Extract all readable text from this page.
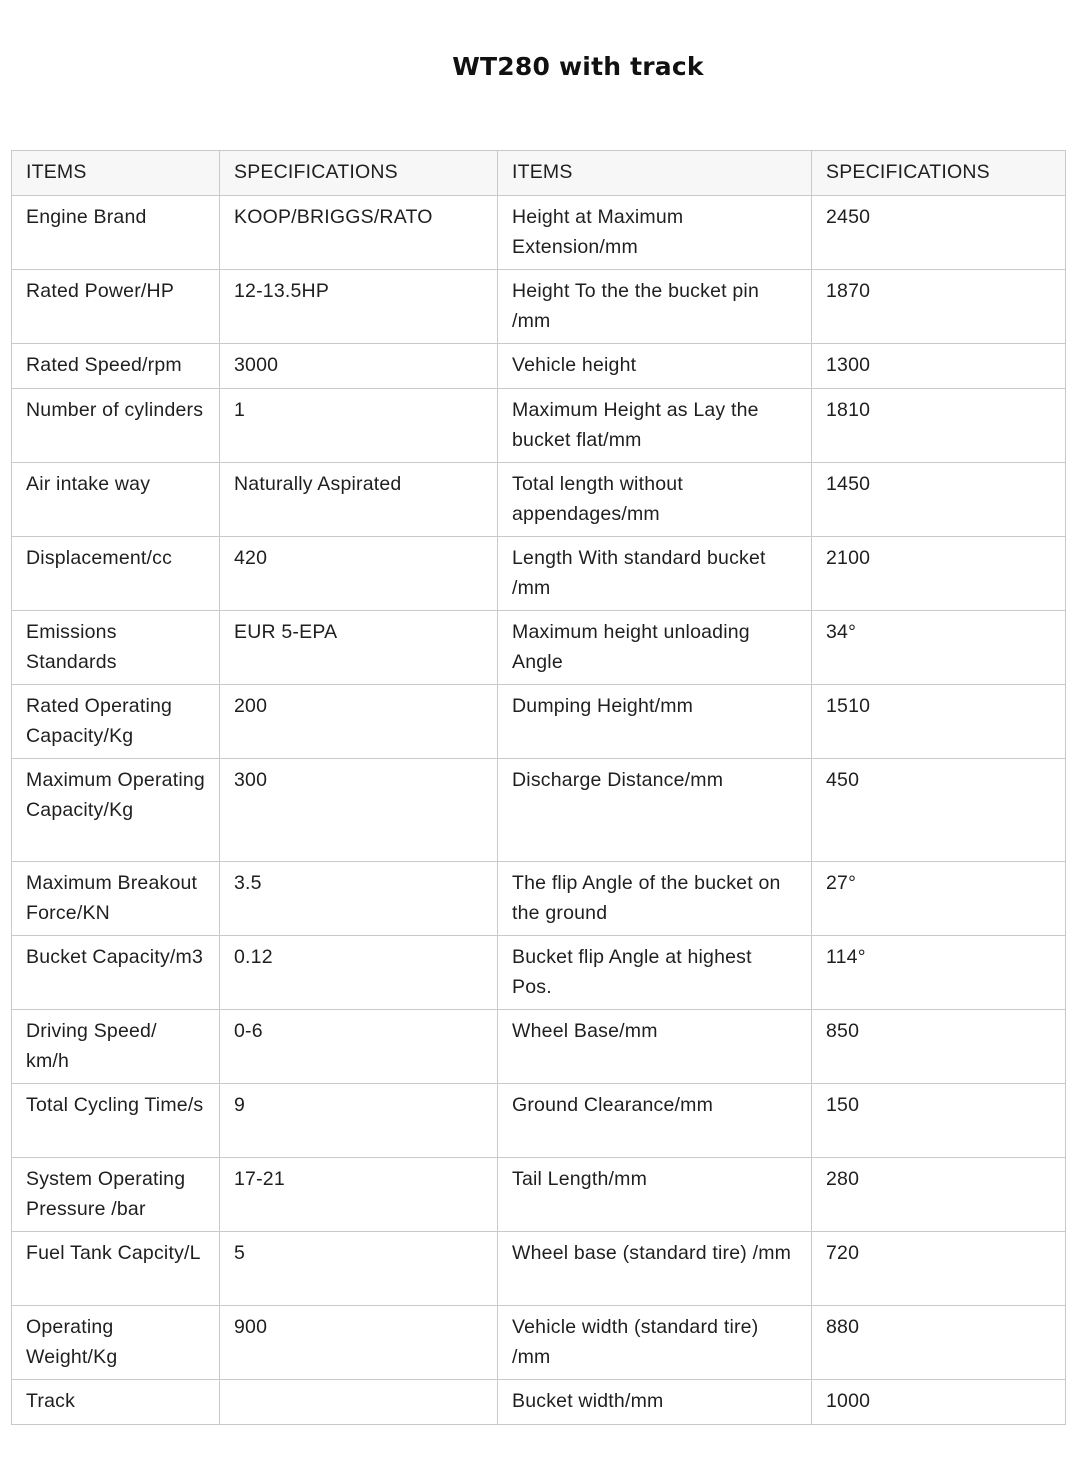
WT280 with track
ITEMS	SPECIFICATIONS	ITEMS	SPECIFICATIONS
Engine Brand	KOOP/BRIGGS/RATO	Height at Maximum Extension/mm	2450
Rated Power/HP	12-13.5HP	Height To the the bucket pin /mm	1870
Rated Speed/rpm	3000	Vehicle height	1300
Number of cylinders	1	Maximum Height as Lay the bucket flat/mm	1810
Air intake way	Naturally Aspirated	Total length without appendages/mm	1450
Displacement/cc	420	Length With standard bucket /mm	2100
Emissions Standards	EUR 5-EPA	Maximum height unloading Angle	34°
Rated Operating Capacity/Kg	200	Dumping Height/mm	1510
Maximum Operating Capacity/Kg	300	Discharge Distance/mm	450
Maximum Breakout Force/KN	3.5	The flip Angle of the bucket on the ground	27°
Bucket Capacity/m3	0.12	Bucket flip Angle at highest Pos.	114°
Driving Speed/ km/h	0-6	Wheel Base/mm	850
Total Cycling Time/s	9	Ground Clearance/mm	150
System Operating Pressure /bar	17-21	Tail Length/mm	280
Fuel Tank Capcity/L	5	Wheel base (standard tire) /mm	720
Operating Weight/Kg	900	Vehicle width (standard tire) /mm	880
Track		Bucket width/mm	1000
